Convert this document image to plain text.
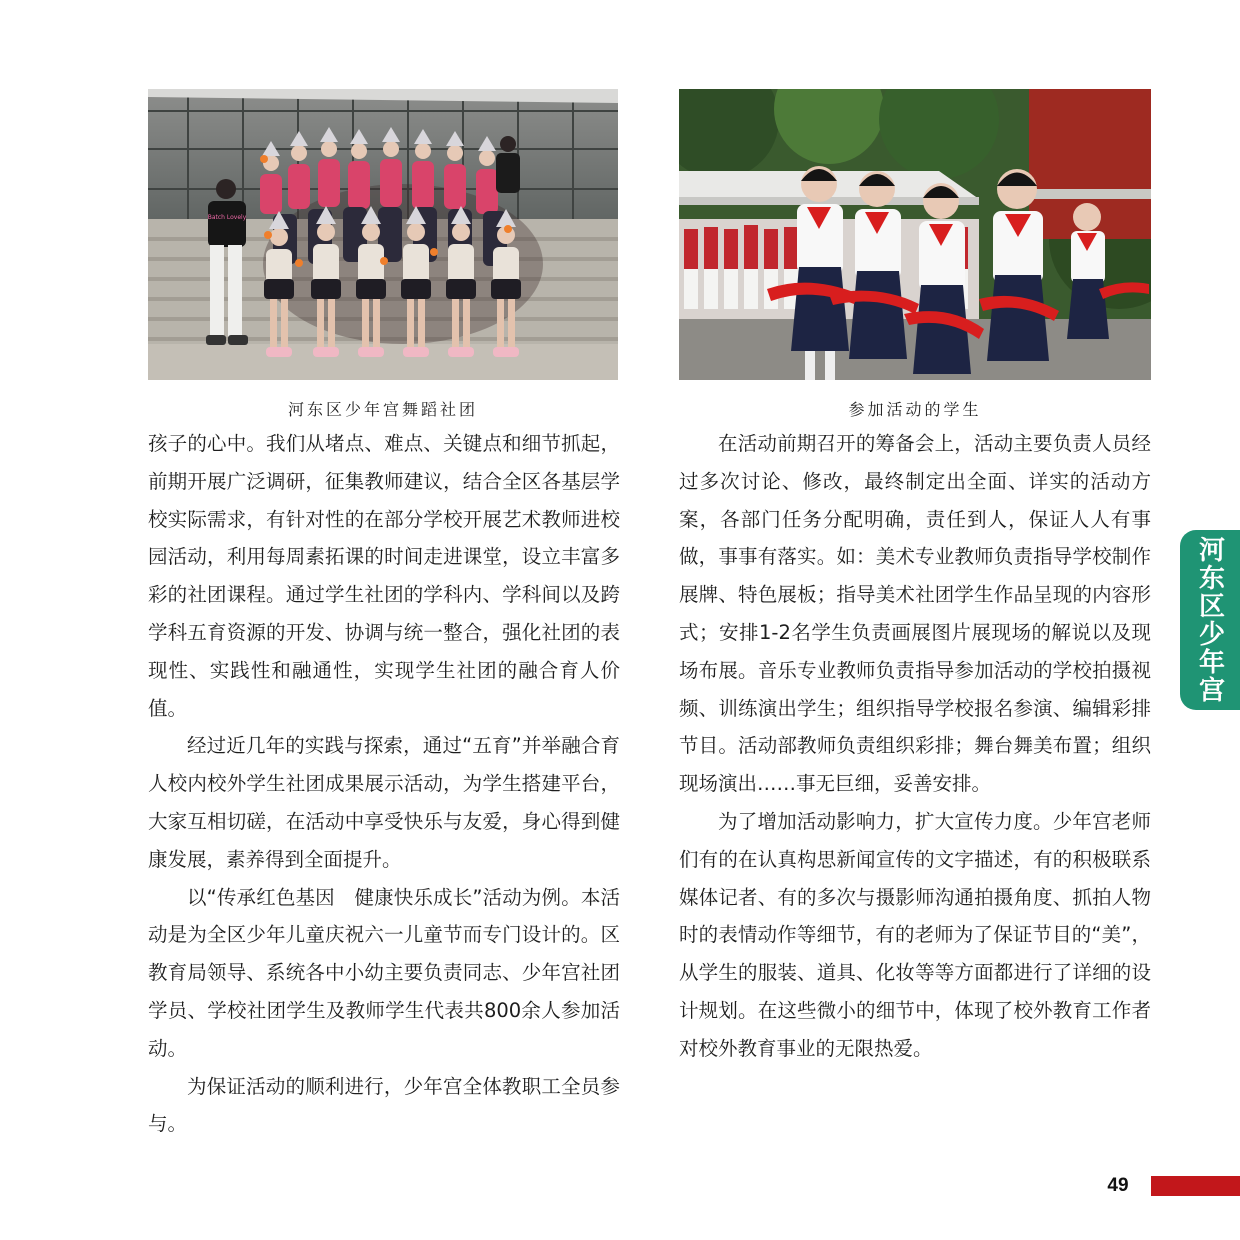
Batch Lovely
河东区少年宫舞蹈社团	参加活动的学生

孩子的心中。我们从堵点、难点、关键点和细节抓起，前期开展广泛调研，征集教师建议，结合全区各基层学校实际需求，有针对性的在部分学校开展艺术教师进校园活动，利用每周素拓课的时间走进课堂，设立丰富多彩的社团课程。通过学生社团的学科内、学科间以及跨学科五育资源的开发、协调与统一整合，强化社团的表现性、实践性和融通性，实现学生社团的融合育人价值。

经过近几年的实践与探索，通过“五育”并举融合育人校内校外学生社团成果展示活动，为学生搭建平台，大家互相切磋，在活动中享受快乐与友爱，身心得到健康发展，素养得到全面提升。

以“传承红色基因　健康快乐成长”活动为例。本活动是为全区少年儿童庆祝六一儿童节而专门设计的。区教育局领导、系统各中小幼主要负责同志、少年宫社团学员、学校社团学生及教师学生代表共800余人参加活动。

为保证活动的顺利进行，少年宫全体教职工全员参与。

在活动前期召开的筹备会上，活动主要负责人员经过多次讨论、修改，最终制定出全面、详实的活动方案，各部门任务分配明确，责任到人，保证人人有事做，事事有落实。如：美术专业教师负责指导学校制作展牌、特色展板；指导美术社团学生作品呈现的内容形式；安排1-2名学生负责画展图片展现场的解说以及现场布展。音乐专业教师负责指导参加活动的学校拍摄视频、训练演出学生；组织指导学校报名参演、编辑彩排节目。活动部教师负责组织彩排；舞台舞美布置；组织现场演出……事无巨细，妥善安排。

为了增加活动影响力，扩大宣传力度。少年宫老师们有的在认真构思新闻宣传的文字描述，有的积极联系媒体记者、有的多次与摄影师沟通拍摄角度、抓拍人物时的表情动作等细节，有的老师为了保证节目的“美”，从学生的服装、道具、化妆等等方面都进行了详细的设计规划。在这些微小的细节中，体现了校外教育工作者对校外教育事业的无限热爱。

河东区少年宫
49
